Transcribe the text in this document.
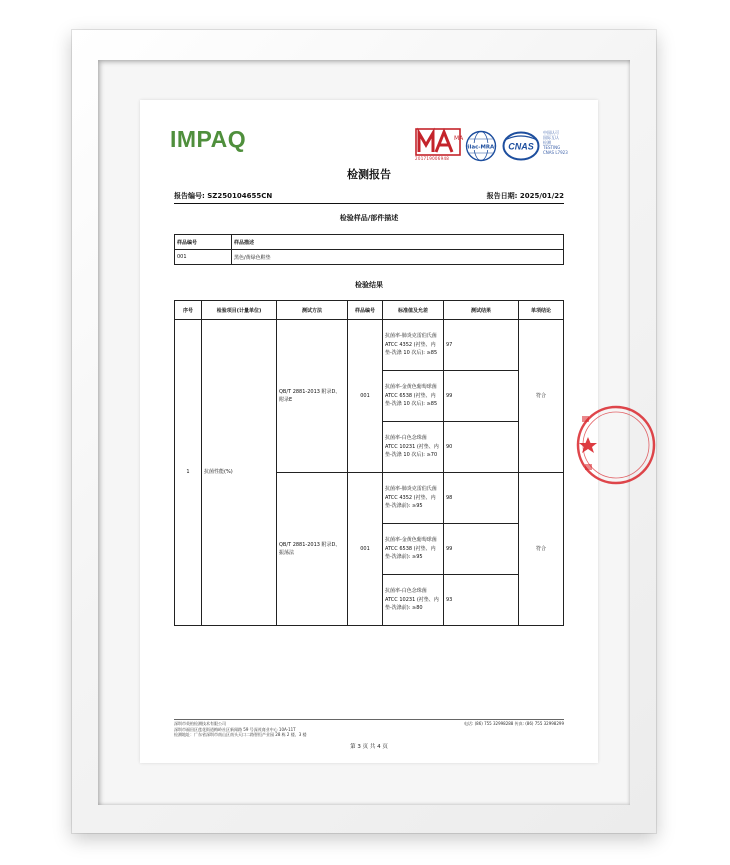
IMPAQ	MA
201719006948
ilac-MRA CNAS
中国认可
国际互认
检测
TESTING
CNAS L7923
检测报告
报告编号: SZ250104655CN	报告日期: 2025/01/22
检验样品/部件描述
样品编号	样品描述
001	黑色/黄绿色鞋垫
检验结果
序号	检验项目(计量单位)	测试方法	样品编号	标准值及允差	测试结果	单项结论
1	抗菌性能(%)	QB/T 2881-2013 附录D、附录E	001	抗菌率-肺炎克雷伯氏菌 ATCC 4352 (衬垫、内垫-洗涤 10 次后): ≥85	97	符合
				抗菌率-金黄色葡萄球菌 ATCC 6538 (衬垫、内垫-洗涤 10 次后): ≥85	99	
				抗菌率-白色念珠菌 ATCC 10231 (衬垫、内垫-洗涤 10 次后): ≥70	90	
		QB/T 2881-2013 附录D、振荡法	001	抗菌率-肺炎克雷伯氏菌 ATCC 4352 (衬垫、内垫-洗涤前): ≥95	98	符合
				抗菌率-金黄色葡萄球菌 ATCC 6538 (衬垫、内垫-洗涤前): ≥95	99	
				抗菌率-白色念珠菌 ATCC 10231 (衬垫、内垫-洗涤前): ≥80	93	
深圳市英柏检测技术有限公司
深圳市福田区莲花街道梅岭社区新闻路 59 号深茂商业中心 10A-11T
检测地址：广东省深圳市南山区南头天口二路智恒产业园 28 栋 2 楼、3 楼
电话: (86) 755 32998288 传真: (86) 755 32998299
第 3 页 共 4 页
